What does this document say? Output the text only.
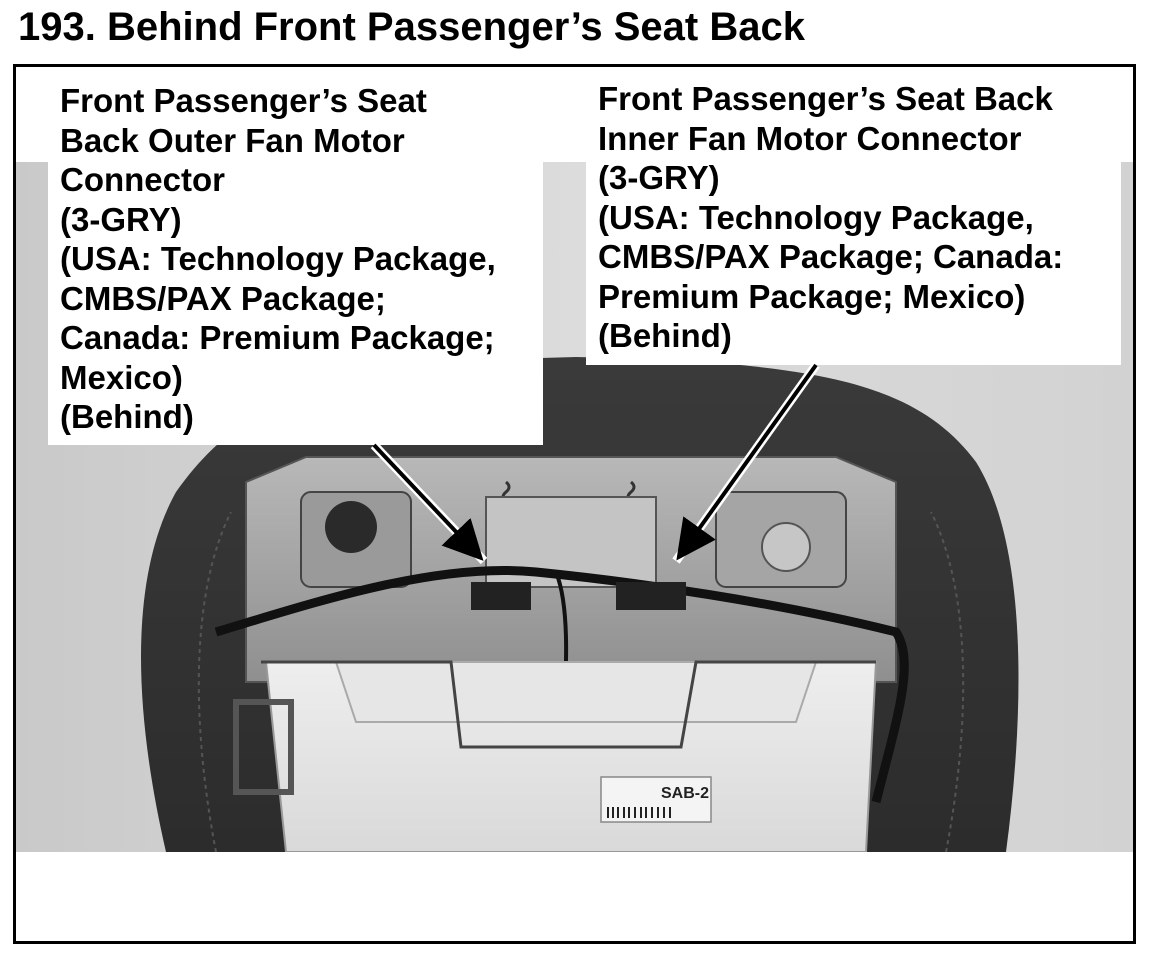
193. Behind Front Passenger’s Seat Back
SAB-2
Front Passenger’s Seat
Back Outer Fan Motor
Connector
(3-GRY)
(USA: Technology Package,
CMBS/PAX Package;
Canada: Premium Package;
Mexico)
(Behind)
Front Passenger’s Seat Back
Inner Fan Motor Connector
(3-GRY)
(USA: Technology Package,
CMBS/PAX Package; Canada:
Premium Package; Mexico)
(Behind)
